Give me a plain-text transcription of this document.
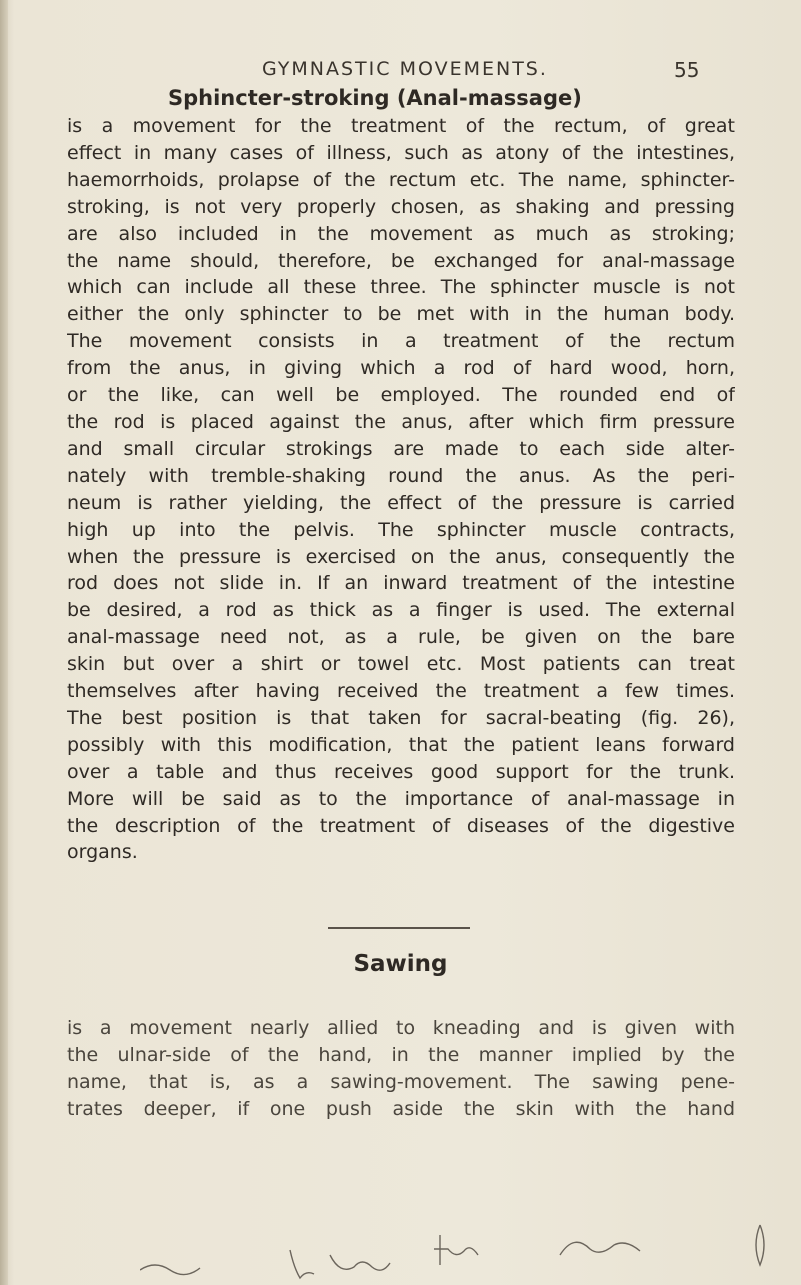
GYMNASTIC MOVEMENTS.	55
Sphincter-stroking (Anal-massage)
is a movement for the treatment of the rectum, of great
effect in many cases of illness, such as atony of the intestines,
haemorrhoids, prolapse of the rectum etc. The name, sphincter-
stroking, is not very properly chosen, as shaking and pressing
are also included in the movement as much as stroking;
the name should, therefore, be exchanged for anal-massage
which can include all these three. The sphincter muscle is not
either the only sphincter to be met with in the human body.
The movement consists in a treatment of the rectum
from the anus, in giving which a rod of hard wood, horn,
or the like, can well be employed. The rounded end of
the rod is placed against the anus, after which firm pressure
and small circular strokings are made to each side alter-
nately with tremble-shaking round the anus. As the peri-
neum is rather yielding, the effect of the pressure is carried
high up into the pelvis. The sphincter muscle contracts,
when the pressure is exercised on the anus, consequently the
rod does not slide in. If an inward treatment of the intestine
be desired, a rod as thick as a finger is used. The external
anal-massage need not, as a rule, be given on the bare
skin but over a shirt or towel etc. Most patients can treat
themselves after having received the treatment a few times.
The best position is that taken for sacral-beating (fig. 26),
possibly with this modification, that the patient leans forward
over a table and thus receives good support for the trunk.
More will be said as to the importance of anal-massage in
the description of the treatment of diseases of the digestive
organs.
Sawing
is a movement nearly allied to kneading and is given with
the ulnar-side of the hand, in the manner implied by the
name, that is, as a sawing-movement. The sawing pene-
trates deeper, if one push aside the skin with the hand
